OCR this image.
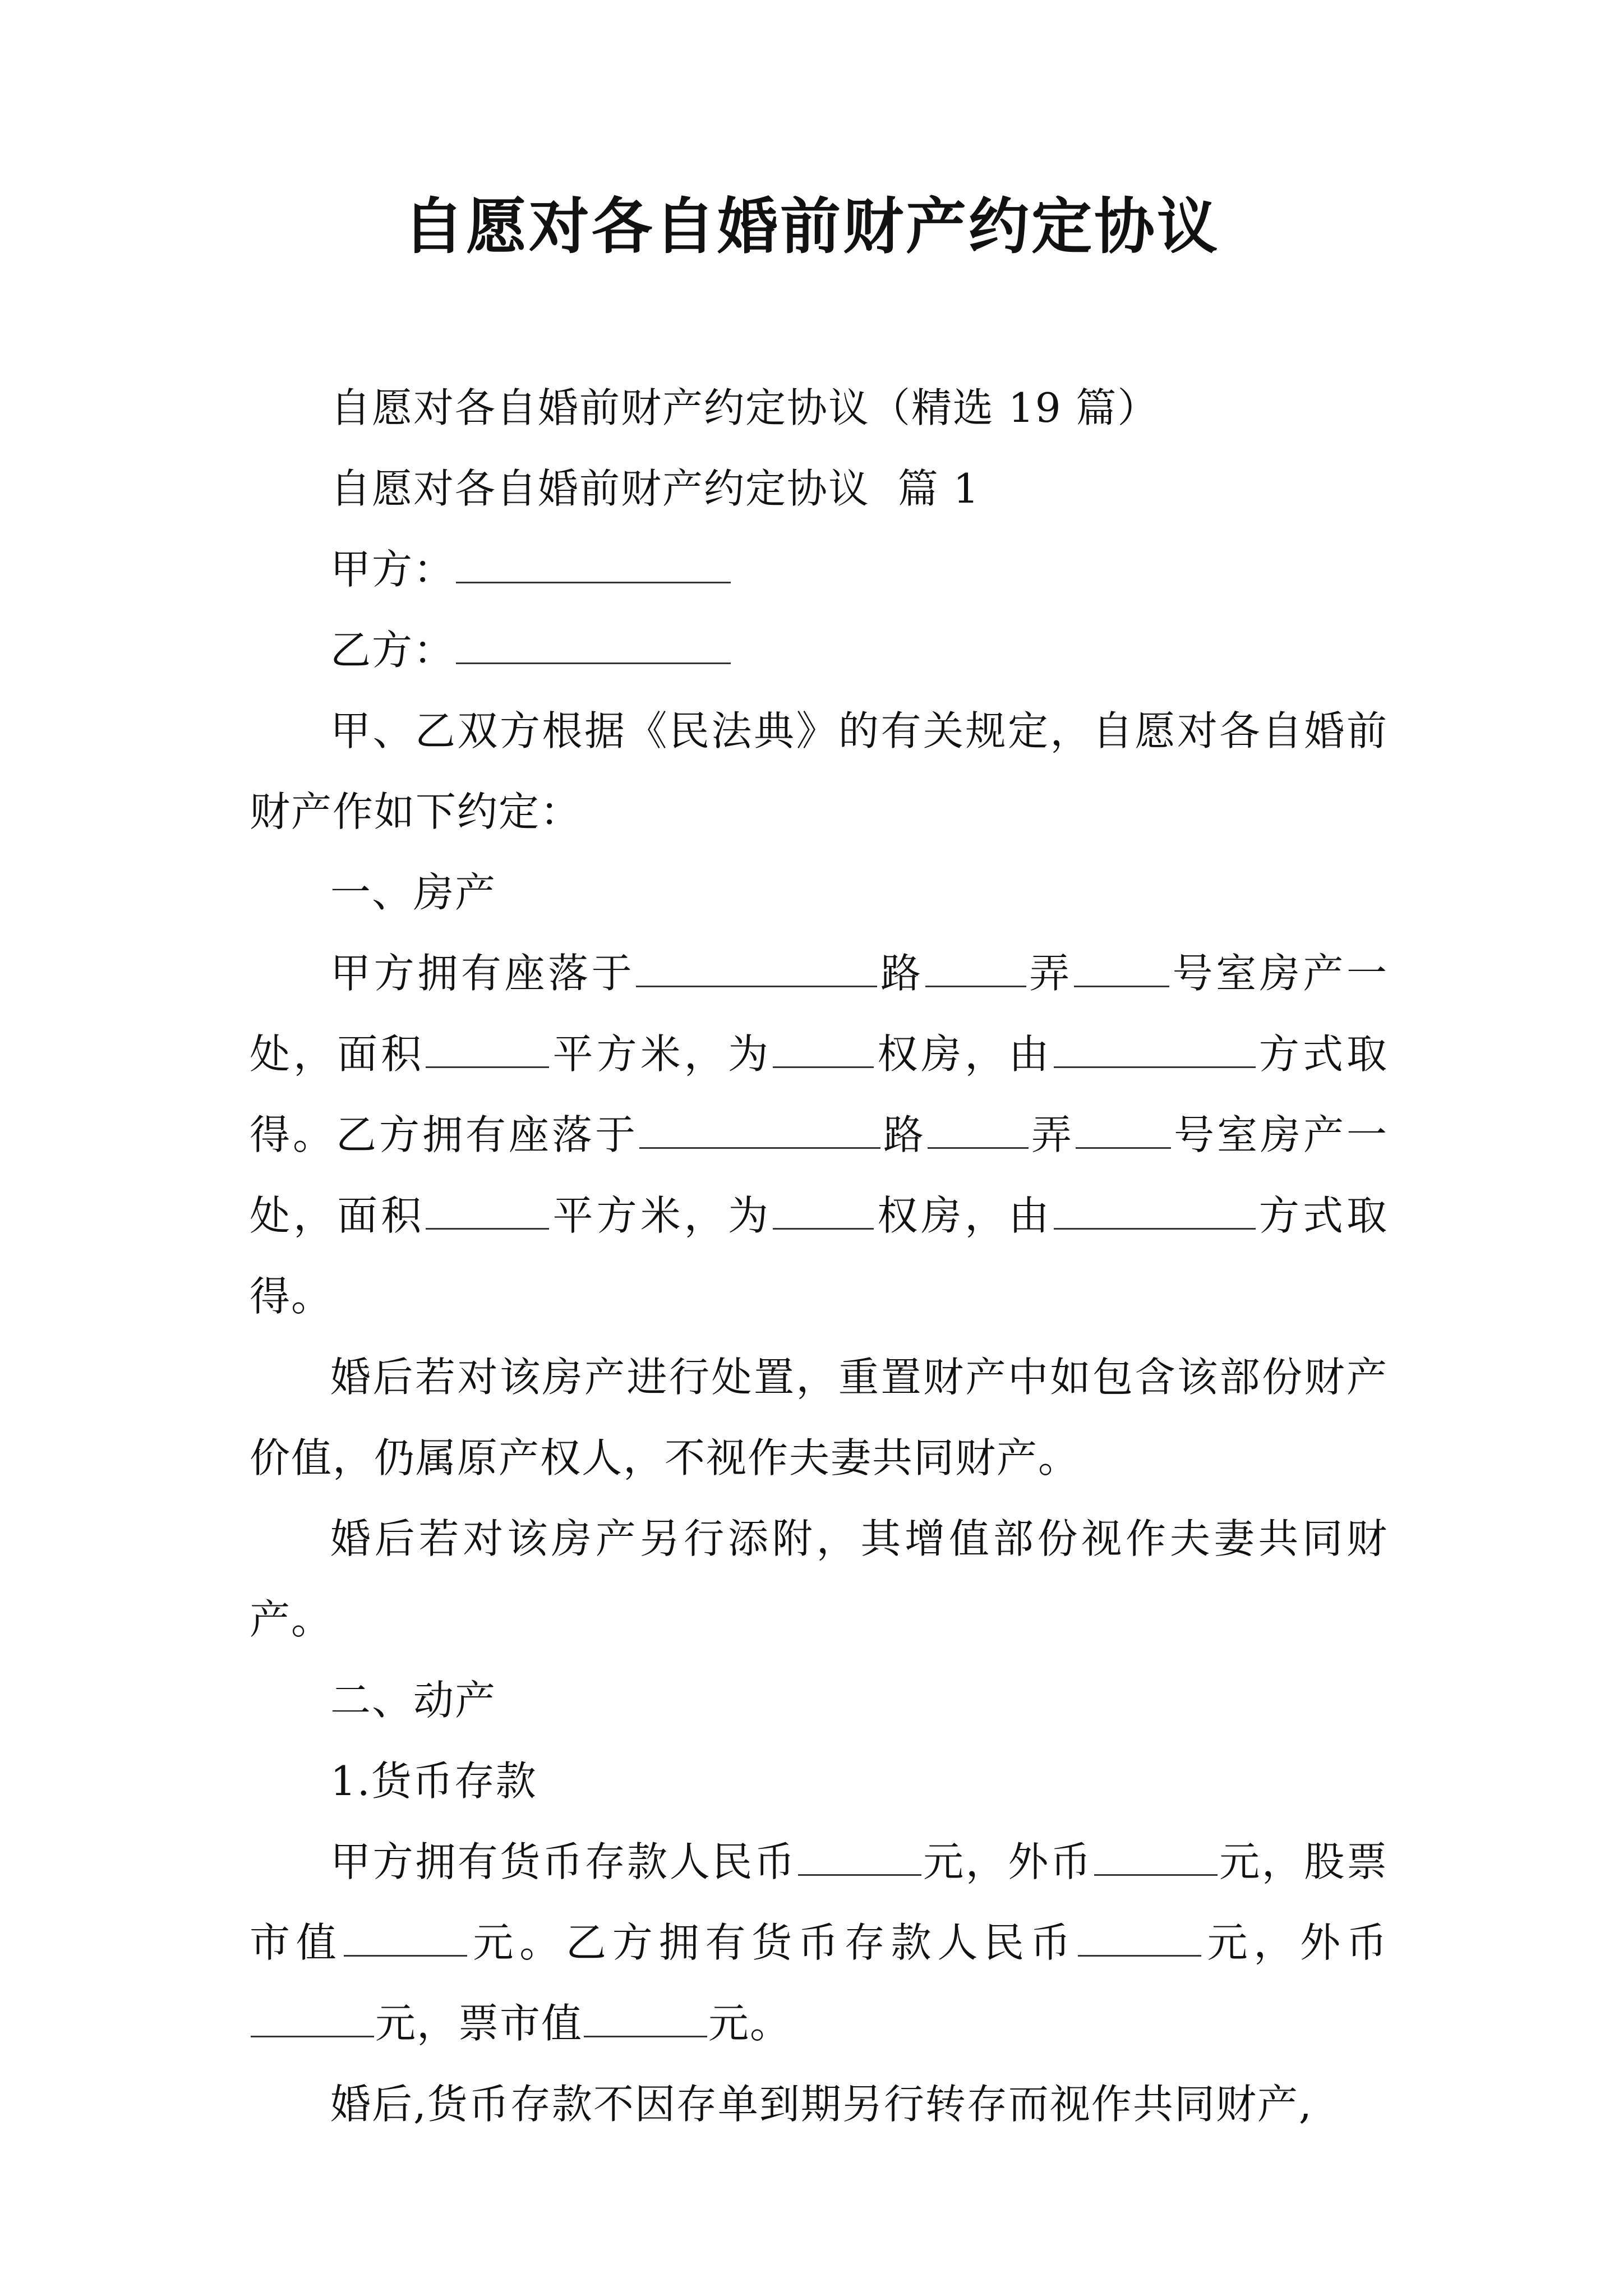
自愿对各自婚前财产约定协议

自愿对各自婚前财产约定协议（精选 19 篇）

自愿对各自婚前财产约定协议  篇 1

甲方：

乙方：

甲、乙双方根据《民法典》的有关规定，自愿对各自婚前财产作如下约定：

一、房产

甲方拥有座落于	路	弄 号室房产一处，面积	平方米，为	权房，由	方式取得。乙方拥有座落于	路	弄 号室房产一处，面积	平方米，为	权房，由	方式取得。

婚后若对该房产进行处置，重置财产中如包含该部份财产价值，仍属原产权人，不视作夫妻共同财产。

婚后若对该房产另行添附，其增值部份视作夫妻共同财产。

二、动产

1.货币存款

甲方拥有货币存款人民币	元，外币	元，股票市值	元。乙方拥有货币存款人民币	元，外币元，票市值	元。

婚后,货币存款不因存单到期另行转存而视作共同财产,
